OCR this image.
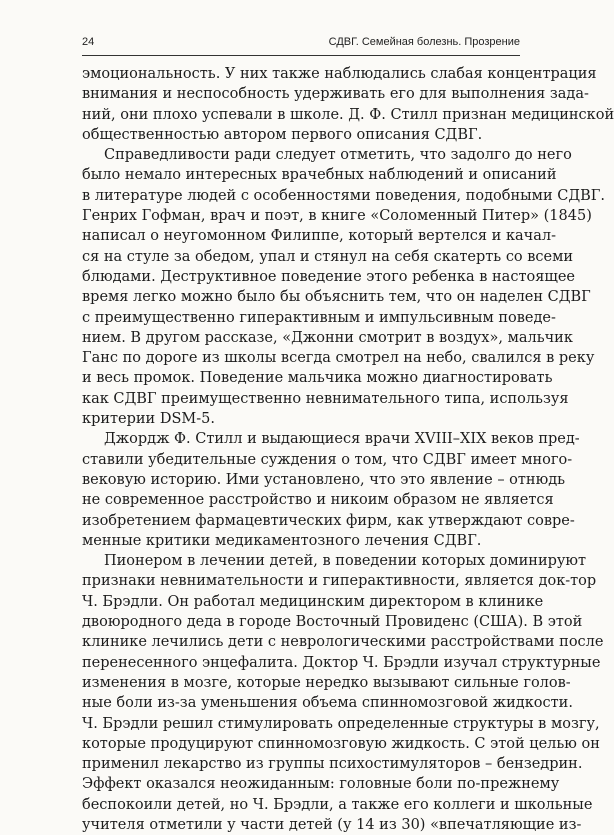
24	СДВГ. Семейная болезнь. Прозрение
эмоциональность. У них также наблюдались слабая концентрация
внимания и неспособность удерживать его для выполнения зада-
ний, они плохо успевали в школе. Д. Ф. Стилл признан медицинской
общественностью автором первого описания СДВГ.
Справедливости ради следует отметить, что задолго до него
было немало интересных врачебных наблюдений и описаний
в литературе людей с особенностями поведения, подобными СДВГ.
Генрих Гофман, врач и поэт, в книге «Соломенный Питер» (1845)
написал о неугомонном Филиппе, который вертелся и качал-
ся на стуле за обедом, упал и стянул на себя скатерть со всеми
блюдами. Деструктивное поведение этого ребенка в настоящее
время легко можно было бы объяснить тем, что он наделен СДВГ
с преимущественно гиперактивным и импульсивным поведе-
нием. В другом рассказе, «Джонни смотрит в воздух», мальчик
Ганс по дороге из школы всегда смотрел на небо, свалился в реку
и весь промок. Поведение мальчика можно диагностировать
как СДВГ преимущественно невнимательного типа, используя
критерии DSM-5.
Джордж Ф. Стилл и выдающиеся врачи XVIII–XIX веков пред-
ставили убедительные суждения о том, что СДВГ имеет много-
вековую историю. Ими установлено, что это явление – отнюдь
не современное расстройство и никоим образом не является
изобретением фармацевтических фирм, как утверждают совре-
менные критики медикаментозного лечения СДВГ.
Пионером в лечении детей, в поведении которых доминируют
признаки невнимательности и гиперактивности, является док-тор
Ч. Брэдли. Он работал медицинским директором в клинике
двоюродного деда в городе Восточный Провиденс (США). В этой
клинике лечились дети с неврологическими расстройствами после
перенесенного энцефалита. Доктор Ч. Брэдли изучал структурные
изменения в мозге, которые нередко вызывают сильные голов-
ные боли из-за уменьшения объема спинномозговой жидкости.
Ч. Брэдли решил стимулировать определенные структуры в мозгу,
которые продуцируют спинномозговую жидкость. С этой целью он
применил лекарство из группы психостимуляторов – бензедрин.
Эффект оказался неожиданным: головные боли по-прежнему
беспокоили детей, но Ч. Брэдли, а также его коллеги и школьные
учителя отметили у части детей (у 14 из 30) «впечатляющие из-
